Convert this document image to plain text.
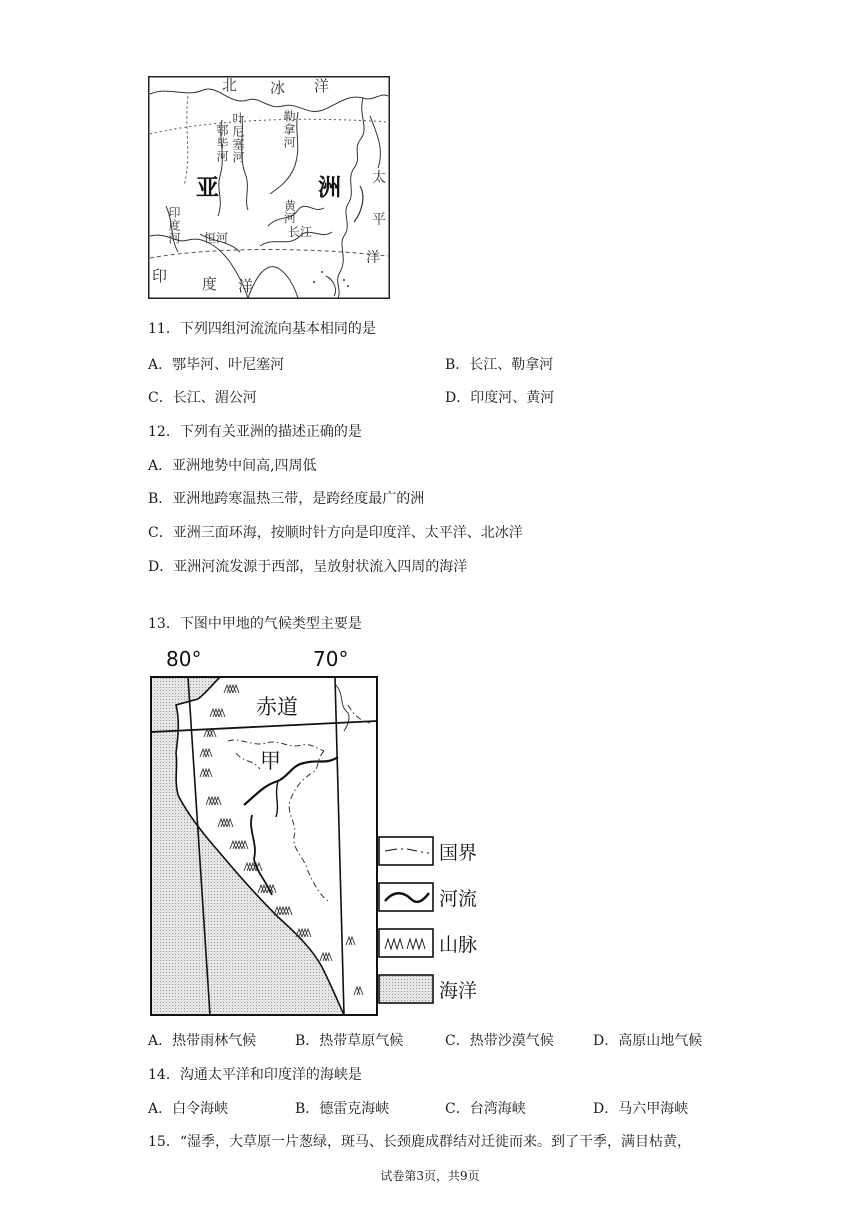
北 冰 洋
亚	洲 太
平
洋
印 度 洋
鄂毕河 叶尼塞河	勒拿河
黄河
长江
印度河 恒河
11．下列四组河流流向基本相同的是
A．鄂毕河、叶尼塞河	B．长江、勒拿河
C．长江、湄公河	D．印度河、黄河
12．下列有关亚洲的描述正确的是
A．亚洲地势中间高,四周低
B．亚洲地跨寒温热三带，是跨经度最广的洲
C．亚洲三面环海，按顺时针方向是印度洋、太平洋、北冰洋
D．亚洲河流发源于西部，呈放射状流入四周的海洋
13．下图中甲地的气候类型主要是
80°	70°
赤道
甲
国界
河流
山脉
海洋
A．热带雨林气候	B．热带草原气候	C．热带沙漠气候	D．高原山地气候
14．沟通太平洋和印度洋的海峡是
A．白令海峡	B．德雷克海峡	C．台湾海峡	D．马六甲海峡
15．“湿季，大草原一片葱绿，斑马、长颈鹿成群结对迁徙而来。到了干季，满目枯黄，
试卷第3页，共9页
